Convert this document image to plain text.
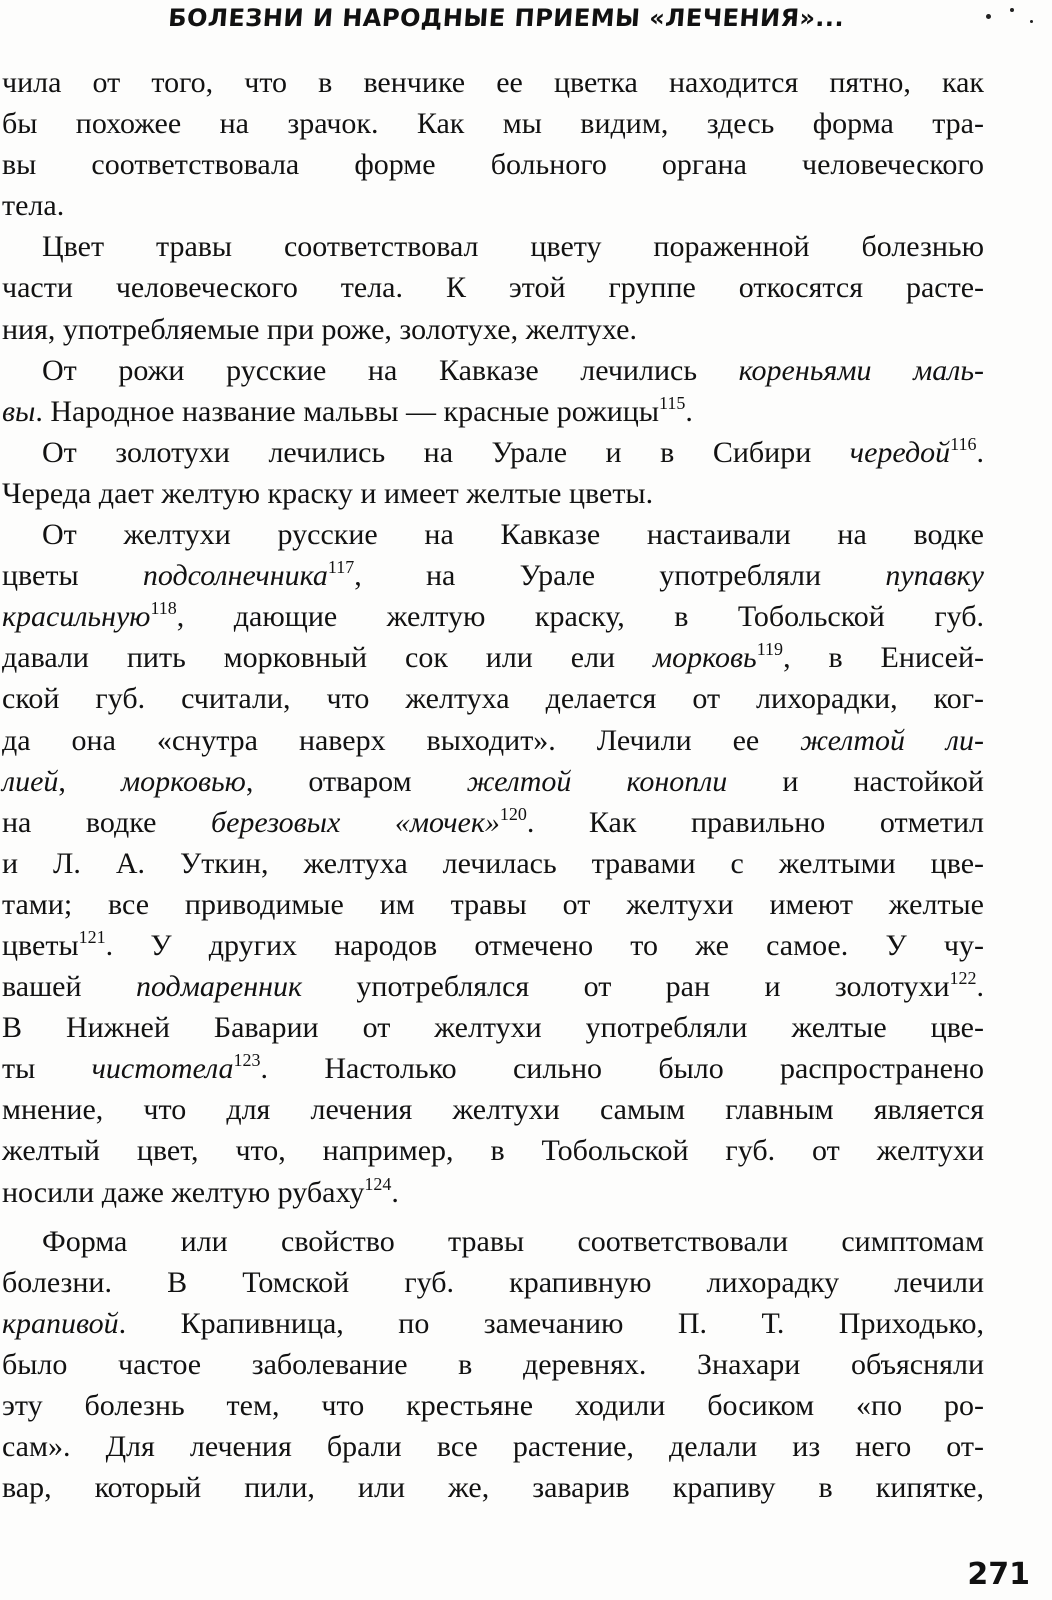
БОЛЕЗНИ И НАРОДНЫЕ ПРИЕМЫ «ЛЕЧЕНИЯ»...

чила от того, что в венчике ее цветка находится пятно, как
бы похожее на зрачок. Как мы видим, здесь форма тра-
вы соответствовала форме больного органа человеческого
тела.

Цвет травы соответствовал цвету пораженной болезнью
части человеческого тела. К этой группе откосятся расте-
ния, употребляемые при роже, золотухе, желтухе.

От рожи русские на Кавказе лечились кореньями маль-
вы. Народное название мальвы — красные рожицы$^{115}$.

От золотухи лечились на Урале и в Сибири чередой$^{116}$.
Череда дает желтую краску и имеет желтые цветы.

От желтухи русские на Кавказе настаивали на водке
цветы подсолнечника$^{117}$, на Урале употребляли пупавку
красильную$^{118}$, дающие желтую краску, в Тобольской губ.
давали пить морковный сок или ели морковь$^{119}$, в Енисей-
ской губ. считали, что желтуха делается от лихорадки, ког-
да она «снутра наверх выходит». Лечили ее желтой ли-
лией, морковью, отваром желтой конопли и настойкой
на водке березовых «мочек»$^{120}$. Как правильно отметил
и Л. А. Уткин, желтуха лечилась травами с желтыми цве-
тами; все приводимые им травы от желтухи имеют желтые
цветы$^{121}$. У других народов отмечено то же самое. У чу-
вашей подмаренник употреблялся от ран и золотухи$^{122}$.
В Нижней Баварии от желтухи употребляли желтые цве-
ты чистотела$^{123}$. Настолько сильно было распространено
мнение, что для лечения желтухи самым главным является
желтый цвет, что, например, в Тобольской губ. от желтухи
носили даже желтую рубаху$^{124}$.

Форма или свойство травы соответствовали симптомам
болезни. В Томской губ. крапивную лихорадку лечили
крапивой. Крапивница, по замечанию П. Т. Приходько,
было частое заболевание в деревнях. Знахари объясняли
эту болезнь тем, что крестьяне ходили босиком «по ро-
сам». Для лечения брали все растение, делали из него от-
вар, который пили, или же, заварив крапиву в кипятке,

271
